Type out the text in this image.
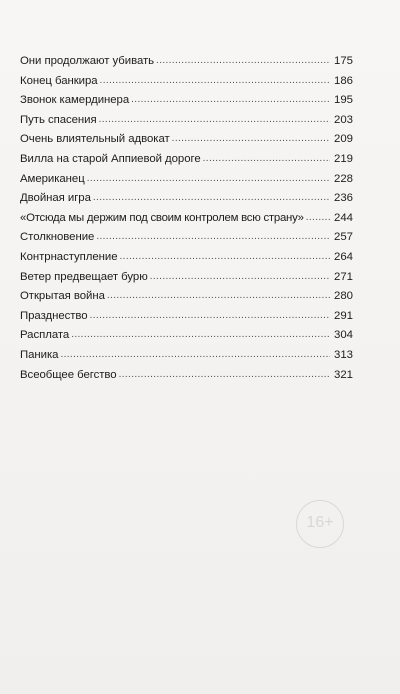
Они продолжают убивать . . .	175
Конец банкира . . .	186
Звонок камердинера . . .	195
Путь спасения . . .	203
Очень влиятельный адвокат . . .	209
Вилла на старой Аппиевой дороге . . .	219
Американец . . .	228
Двойная игра . . .	236
«Отсюда мы держим под своим контролем всю страну» . . .	244
Столкновение . . .	257
Контрнаступление . . .	264
Ветер предвещает бурю . . .	271
Открытая война . . .	280
Празднество . . .	291
Расплата . . .	304
Паника . . .	313
Всеобщее бегство . . .	321
16+
